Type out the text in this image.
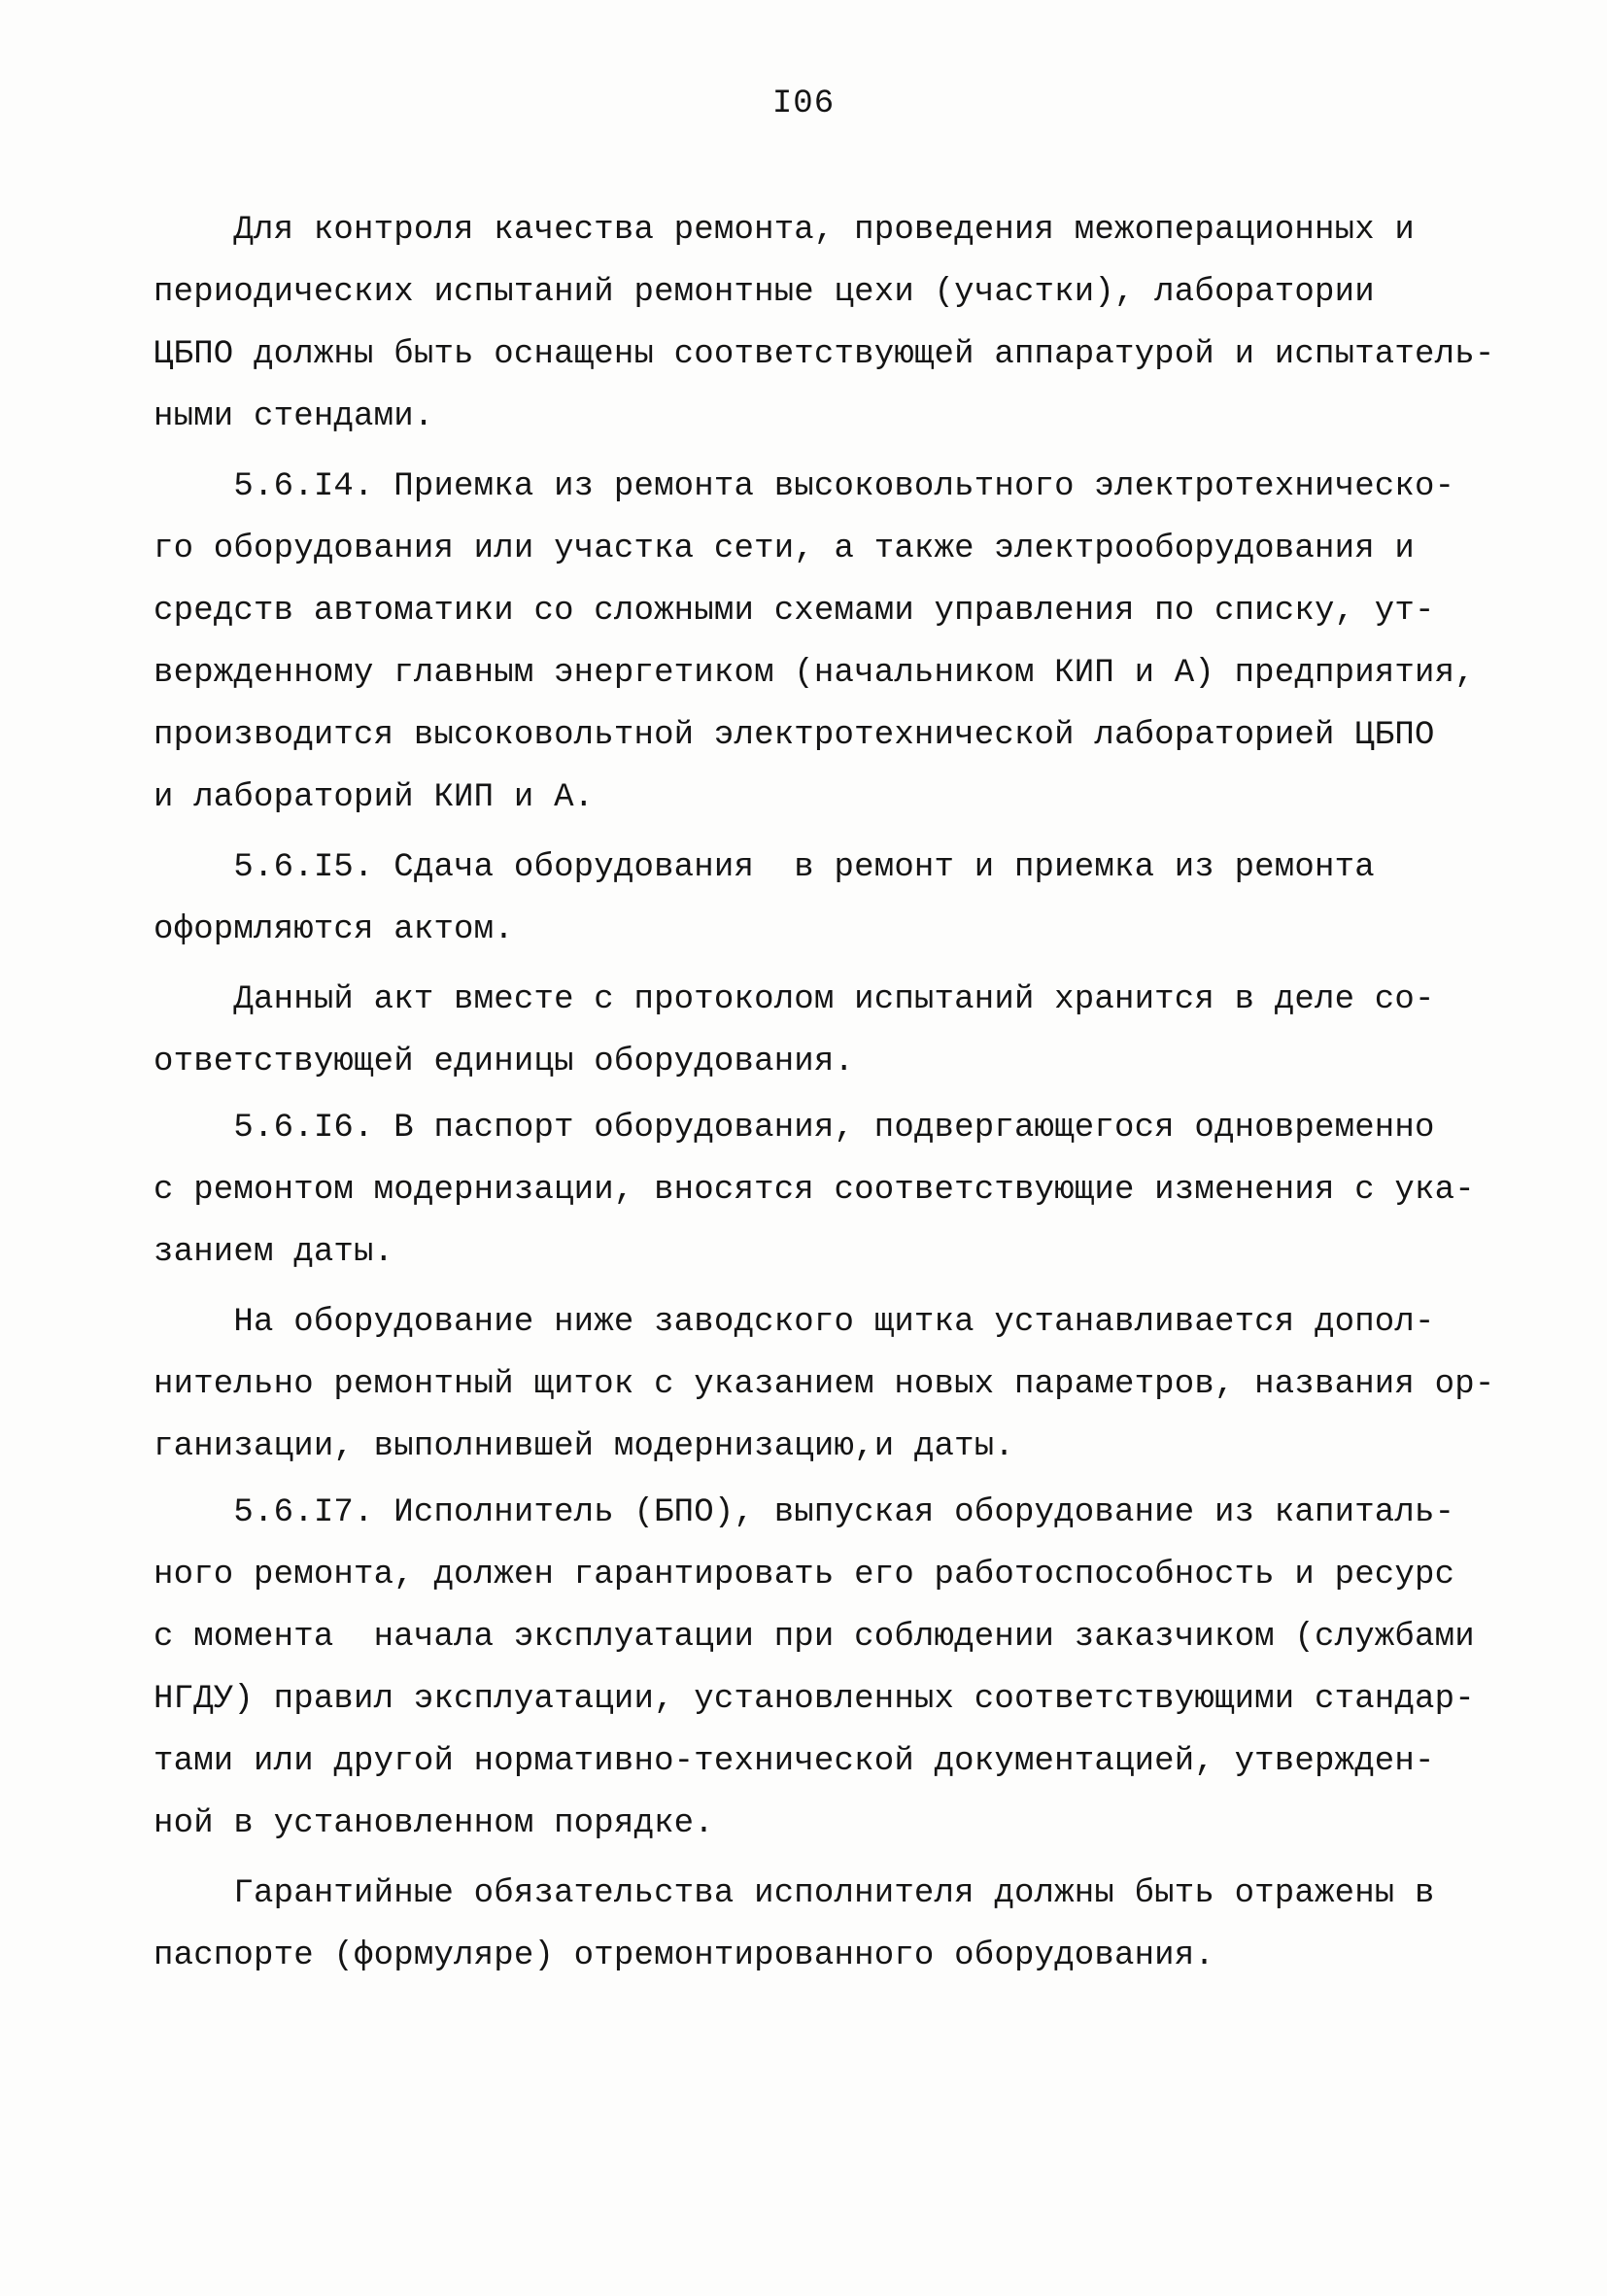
I06
Для контроля качества ремонта, проведения межоперационных и
периодических испытаний ремонтные цехи (участки), лаборатории
ЦБПО должны быть оснащены соответствующей аппаратурой и испытатель-
ными стендами.
5.6.I4. Приемка из ремонта высоковольтного электротехническо-
го оборудования или участка сети, а также электрооборудования и
средств автоматики со сложными схемами управления по списку, ут-
вержденному главным энергетиком (начальником КИП и А) предприятия,
производится высоковольтной электротехнической лабораторией ЦБПО
и лабораторий КИП и А.
5.6.I5. Сдача оборудования  в ремонт и приемка из ремонта
оформляются актом.
Данный акт вместе с протоколом испытаний хранится в деле со-
ответствующей единицы оборудования.
5.6.I6. В паспорт оборудования, подвергающегося одновременно
с ремонтом модернизации, вносятся соответствующие изменения с ука-
занием даты.
На оборудование ниже заводского щитка устанавливается допол-
нительно ремонтный щиток с указанием новых параметров, названия ор-
ганизации, выполнившей модернизацию,и даты.
5.6.I7. Исполнитель (БПО), выпуская оборудование из капиталь-
ного ремонта, должен гарантировать его работоспособность и ресурс
с момента  начала эксплуатации при соблюдении заказчиком (службами
НГДУ) правил эксплуатации, установленных соответствующими стандар-
тами или другой нормативно-технической документацией, утвержден-
ной в установленном порядке.
Гарантийные обязательства исполнителя должны быть отражены в
паспорте (формуляре) отремонтированного оборудования.
